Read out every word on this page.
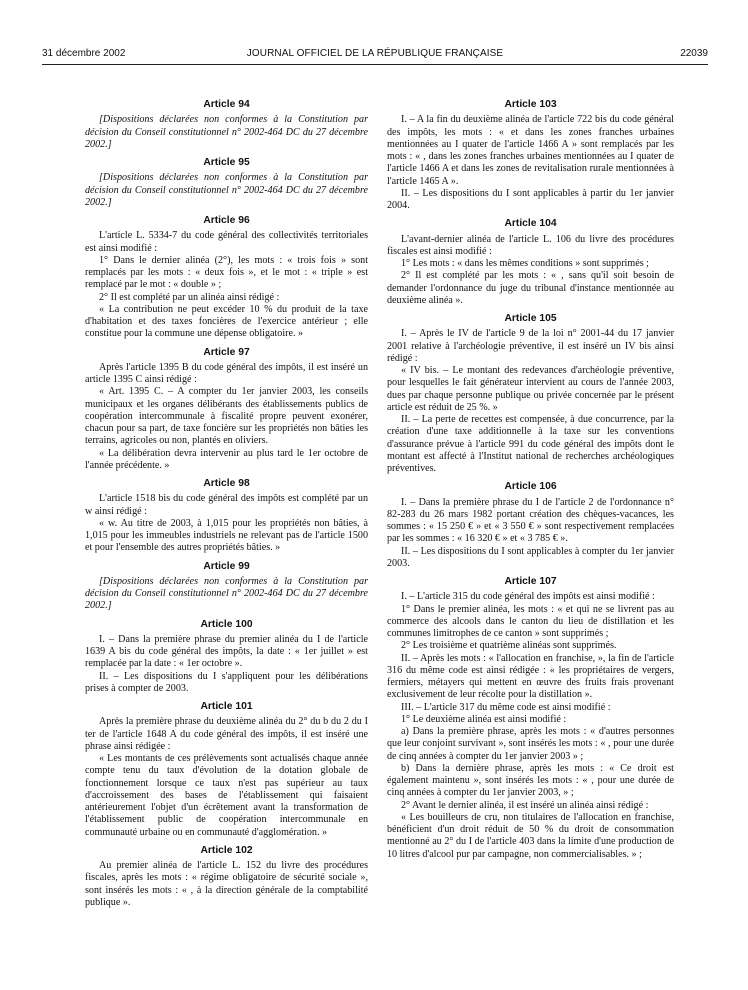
31 décembre 2002	JOURNAL OFFICIEL DE LA RÉPUBLIQUE FRANÇAISE	22039
Article 94

[Dispositions déclarées non conformes à la Constitution par décision du Conseil constitutionnel n° 2002-464 DC du 27 décembre 2002.]

Article 95

[Dispositions déclarées non conformes à la Constitution par décision du Conseil constitutionnel n° 2002-464 DC du 27 décembre 2002.]

Article 96

L'article L. 5334-7 du code général des collectivités territoriales est ainsi modifié :

1° Dans le dernier alinéa (2°), les mots : « trois fois » sont remplacés par les mots : « deux fois », et le mot : « triple » est remplacé par le mot : « double » ;

2° Il est complété par un alinéa ainsi rédigé :

« La contribution ne peut excéder 10 % du produit de la taxe d'habitation et des taxes foncières de l'exercice antérieur ; elle constitue pour la commune une dépense obligatoire. »

Article 97

Après l'article 1395 B du code général des impôts, il est inséré un article 1395 C ainsi rédigé :

« Art. 1395 C. – A compter du 1er janvier 2003, les conseils municipaux et les organes délibérants des établissements publics de coopération intercommunale à fiscalité propre peuvent exonérer, chacun pour sa part, de taxe foncière sur les propriétés non bâties les terrains, agricoles ou non, plantés en oliviers.

« La délibération devra intervenir au plus tard le 1er octobre de l'année précédente. »

Article 98

L'article 1518 bis du code général des impôts est complété par un w ainsi rédigé :

« w. Au titre de 2003, à 1,015 pour les propriétés non bâties, à 1,015 pour les immeubles industriels ne relevant pas de l'article 1500 et pour l'ensemble des autres propriétés bâties. »

Article 99

[Dispositions déclarées non conformes à la Constitution par décision du Conseil constitutionnel n° 2002-464 DC du 27 décembre 2002.]

Article 100

I. – Dans la première phrase du premier alinéa du I de l'article 1639 A bis du code général des impôts, la date : « 1er juillet » est remplacée par la date : « 1er octobre ».

II. – Les dispositions du I s'appliquent pour les délibérations prises à compter de 2003.

Article 101

Après la première phrase du deuxième alinéa du 2° du b du 2 du I ter de l'article 1648 A du code général des impôts, il est inséré une phrase ainsi rédigée :

« Les montants de ces prélèvements sont actualisés chaque année compte tenu du taux d'évolution de la dotation globale de fonctionnement lorsque ce taux n'est pas supérieur au taux d'accroissement des bases de l'établissement qui faisaient antérieurement l'objet d'un écrêtement avant la transformation de l'établissement public de coopération intercommunale en communauté urbaine ou en communauté d'agglomération. »

Article 102

Au premier alinéa de l'article L. 152 du livre des procédures fiscales, après les mots : « régime obligatoire de sécurité sociale », sont insérés les mots : « , à la direction générale de la comptabilité publique ».

Article 103

I. – A la fin du deuxième alinéa de l'article 722 bis du code général des impôts, les mots : « et dans les zones franches urbaines mentionnées au I quater de l'article 1466 A » sont remplacés par les mots : « , dans les zones franches urbaines mentionnées au I quater de l'article 1466 A et dans les zones de revitalisation rurale mentionnées à l'article 1465 A ».

II. – Les dispositions du I sont applicables à partir du 1er janvier 2004.

Article 104

L'avant-dernier alinéa de l'article L. 106 du livre des procédures fiscales est ainsi modifié :

1° Les mots : « dans les mêmes conditions » sont supprimés ;

2° Il est complété par les mots : « , sans qu'il soit besoin de demander l'ordonnance du juge du tribunal d'instance mentionnée au deuxième alinéa ».

Article 105

I. – Après le IV de l'article 9 de la loi n° 2001-44 du 17 janvier 2001 relative à l'archéologie préventive, il est inséré un IV bis ainsi rédigé :

« IV bis. – Le montant des redevances d'archéologie préventive, pour lesquelles le fait générateur intervient au cours de l'année 2003, dues par chaque personne publique ou privée concernée par le présent article est réduit de 25 %. »

II. – La perte de recettes est compensée, à due concurrence, par la création d'une taxe additionnelle à la taxe sur les conventions d'assurance prévue à l'article 991 du code général des impôts dont le montant est affecté à l'Institut national de recherches archéologiques préventives.

Article 106

I. – Dans la première phrase du I de l'article 2 de l'ordonnance n° 82-283 du 26 mars 1982 portant création des chèques-vacances, les sommes : « 15 250 € » et « 3 550 € » sont respectivement remplacées par les sommes : « 16 320 € » et « 3 785 € ».

II. – Les dispositions du I sont applicables à compter du 1er janvier 2003.

Article 107

I. – L'article 315 du code général des impôts est ainsi modifié :

1° Dans le premier alinéa, les mots : « et qui ne se livrent pas au commerce des alcools dans le canton du lieu de distillation et les communes limitrophes de ce canton » sont supprimés ;

2° Les troisième et quatrième alinéas sont supprimés.

II. – Après les mots : « l'allocation en franchise, », la fin de l'article 316 du même code est ainsi rédigée : « les propriétaires de vergers, fermiers, métayers qui mettent en œuvre des fruits frais provenant exclusivement de leur récolte pour la distillation ».

III. – L'article 317 du même code est ainsi modifié :

1° Le deuxième alinéa est ainsi modifié :

a) Dans la première phrase, après les mots : « d'autres personnes que leur conjoint survivant », sont insérés les mots : « , pour une durée de cinq années à compter du 1er janvier 2003 » ;

b) Dans la dernière phrase, après les mots : « Ce droit est également maintenu », sont insérés les mots : « , pour une durée de cinq années à compter du 1er janvier 2003, » ;

2° Avant le dernier alinéa, il est inséré un alinéa ainsi rédigé :

« Les bouilleurs de cru, non titulaires de l'allocation en franchise, bénéficient d'un droit réduit de 50 % du droit de consommation mentionné au 2° du I de l'article 403 dans la limite d'une production de 10 litres d'alcool pur par campagne, non commercialisables. » ;
